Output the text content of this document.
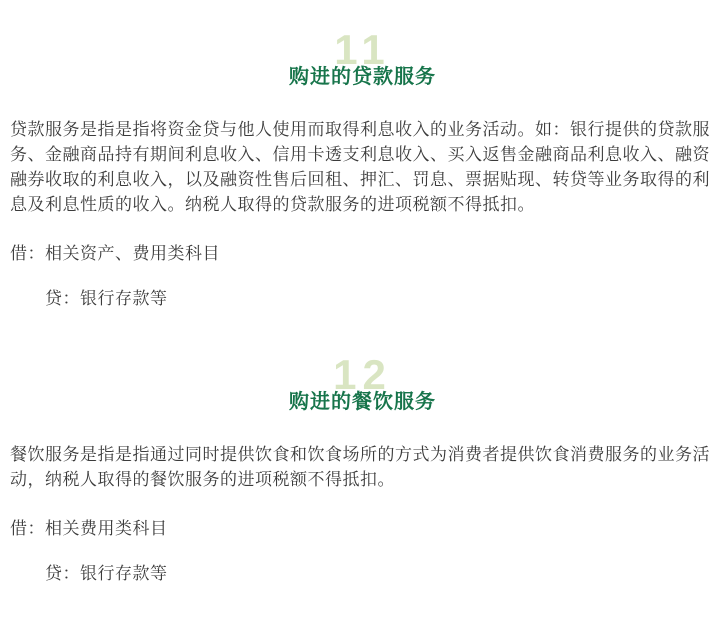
11
购进的贷款服务

贷款服务是指是指将资金贷与他人使用而取得利息收入的业务活动。如：银行提供的贷款服务、金融商品持有期间利息收入、信用卡透支利息收入、买入返售金融商品利息收入、融资融券收取的利息收入，以及融资性售后回租、押汇、罚息、票据贴现、转贷等业务取得的利息及利息性质的收入。纳税人取得的贷款服务的进项税额不得抵扣。

借：相关资产、费用类科目

贷：银行存款等

12
购进的餐饮服务

餐饮服务是指是指通过同时提供饮食和饮食场所的方式为消费者提供饮食消费服务的业务活动，纳税人取得的餐饮服务的进项税额不得抵扣。

借：相关费用类科目

贷：银行存款等
